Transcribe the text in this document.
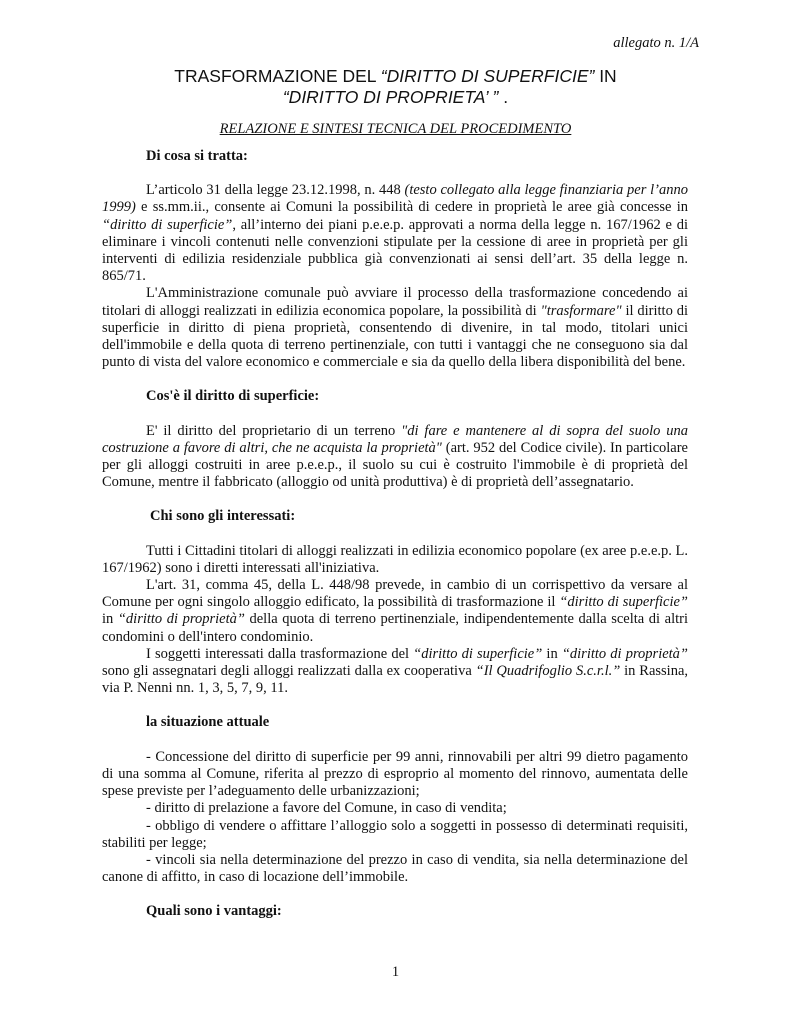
allegato n. 1/A
TRASFORMAZIONE DEL “DIRITTO DI SUPERFICIE” IN
“DIRITTO DI PROPRIETA’ ” .
RELAZIONE E SINTESI TECNICA DEL PROCEDIMENTO

Di cosa si tratta:

L’articolo 31 della legge 23.12.1998, n. 448 (testo collegato alla legge finanziaria per l’anno 1999) e ss.mm.ii., consente ai Comuni la possibilità di cedere in proprietà le aree già concesse in “diritto di superficie”, all’interno dei piani p.e.e.p. approvati a norma della legge n. 167/1962 e di eliminare i vincoli contenuti nelle convenzioni stipulate per la cessione di aree in proprietà per gli interventi di edilizia residenziale pubblica già convenzionati ai sensi dell’art. 35 della legge n. 865/71.

L'Amministrazione comunale può avviare il processo della trasformazione concedendo ai titolari di alloggi realizzati in edilizia economica popolare, la possibilità di "trasformare" il diritto di superficie in diritto di piena proprietà, consentendo di divenire, in tal modo, titolari unici dell'immobile e della quota di terreno pertinenziale, con tutti i vantaggi che ne conseguono sia dal punto di vista del valore economico e commerciale e sia da quello della libera disponibilità del bene.

Cos'è il diritto di superficie:

E' il diritto del proprietario di un terreno "di fare e mantenere al di sopra del suolo una costruzione a favore di altri, che ne acquista la proprietà" (art. 952 del Codice civile). In particolare per gli alloggi costruiti in aree p.e.e.p., il suolo su cui è costruito l'immobile è di proprietà del Comune, mentre il fabbricato (alloggio od unità produttiva) è di proprietà dell’assegnatario.

Chi sono gli interessati:

Tutti i Cittadini titolari di alloggi realizzati in edilizia economico popolare (ex aree p.e.e.p. L. 167/1962) sono i diretti interessati all'iniziativa.

L'art. 31, comma 45, della L. 448/98 prevede, in cambio di un corrispettivo da versare al Comune per ogni singolo alloggio edificato, la possibilità di trasformazione il “diritto di superficie” in “diritto di proprietà” della quota di terreno pertinenziale, indipendentemente dalla scelta di altri condomini o dell'intero condominio.

I soggetti interessati dalla trasformazione del “diritto di superficie” in “diritto di proprietà” sono gli assegnatari degli alloggi realizzati dalla ex cooperativa “Il Quadrifoglio S.c.r.l.” in Rassina, via P. Nenni nn. 1, 3, 5, 7, 9, 11.

la situazione attuale

- Concessione del diritto di superficie per 99 anni, rinnovabili per altri 99 dietro pagamento di una somma al Comune, riferita al prezzo di esproprio al momento del rinnovo, aumentata delle spese previste per l’adeguamento delle urbanizzazioni;

- diritto di prelazione a favore del Comune, in caso di vendita;

- obbligo di vendere o affittare l’alloggio solo a soggetti in possesso di determinati requisiti, stabiliti per legge;

- vincoli sia nella determinazione del prezzo in caso di vendita, sia nella determinazione del canone di affitto, in caso di locazione dell’immobile.

Quali sono i vantaggi:

1
